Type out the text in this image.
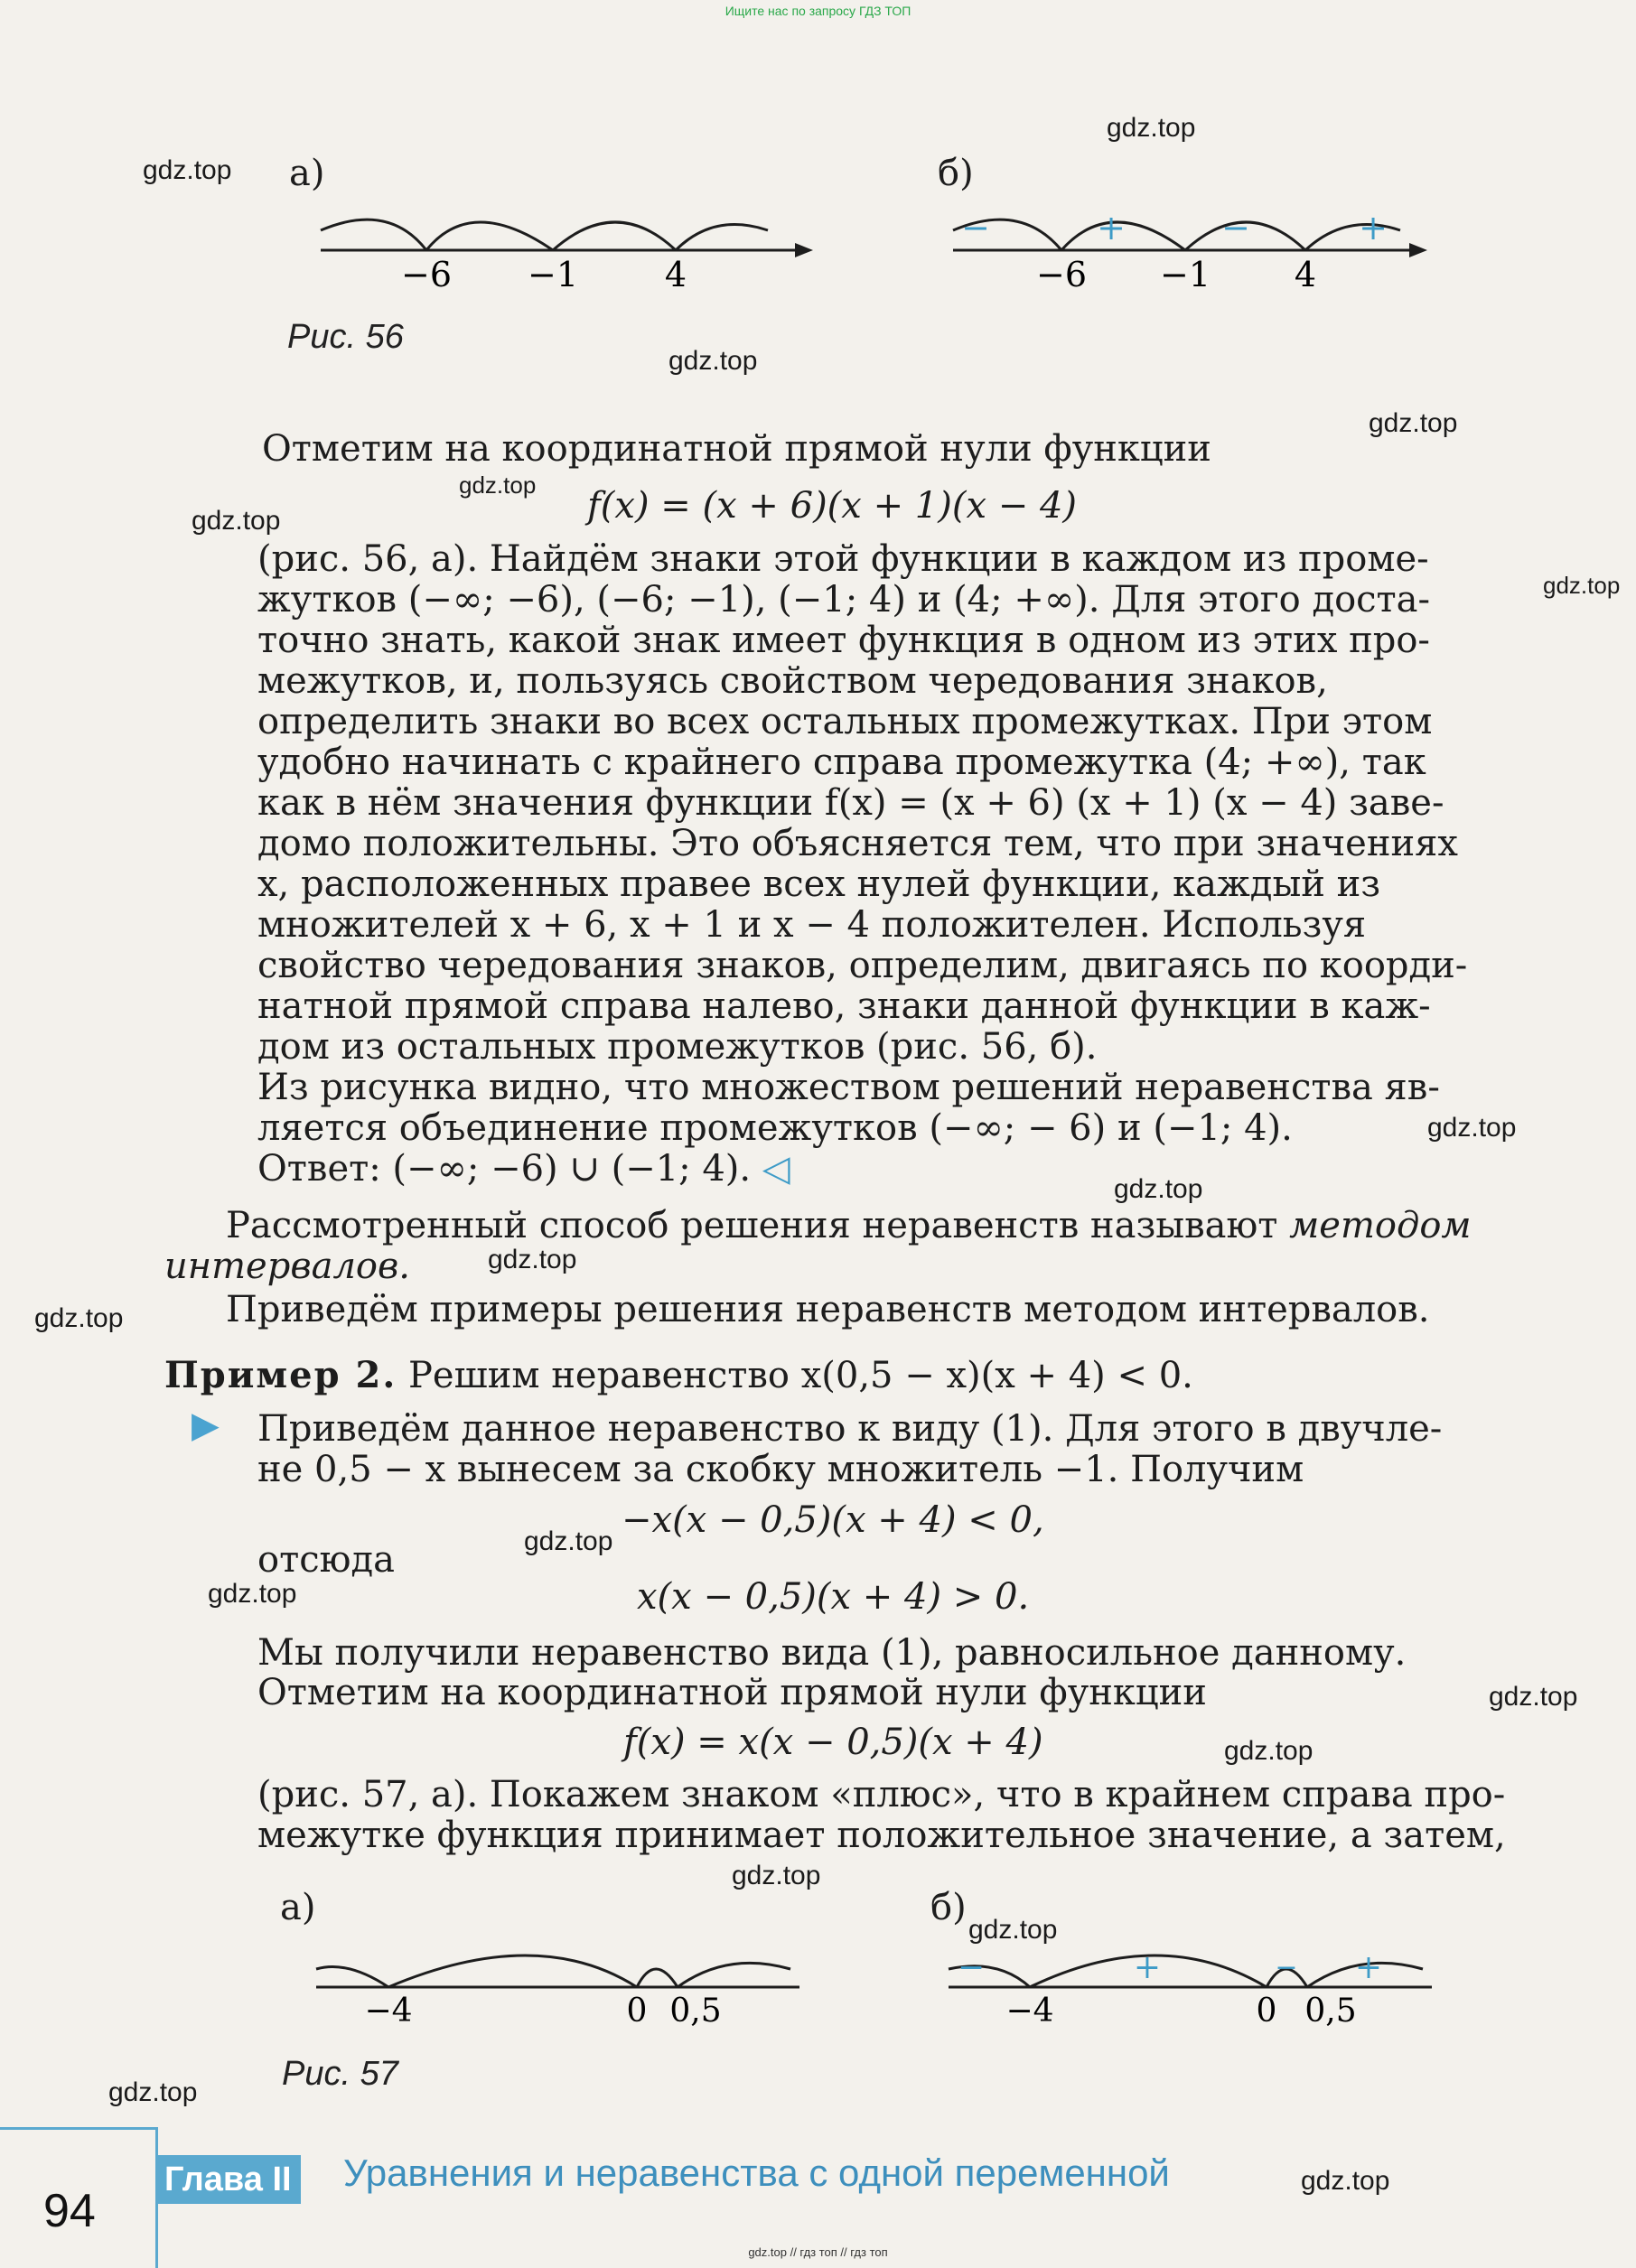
Ищите нас по запросу ГДЗ ТОП
gdz.top // гдз топ // гдз топ
а)
−6 −1	4
б)
−	+	−	+
−6 −1 4
Рис. 56
Отметим на координатной прямой нули функции
f(x) = (x + 6)(x + 1)(x − 4)
(рис. 56, а). Найдём знаки этой функции в каждом из проме-
жутков (−∞; −6), (−6; −1), (−1; 4) и (4; +∞). Для этого доста-
точно знать, какой знак имеет функция в одном из этих про-
межутков, и, пользуясь свойством чередования знаков,
определить знаки во всех остальных промежутках. При этом
удобно начинать с крайнего справа промежутка (4; +∞), так
как в нём значения функции f(x) = (x + 6) (x + 1) (x − 4) заве-
домо положительны. Это объясняется тем, что при значениях
x, расположенных правее всех нулей функции, каждый из
множителей x + 6, x + 1 и x − 4 положителен. Используя
свойство чередования знаков, определим, двигаясь по коорди-
натной прямой справа налево, знаки данной функции в каж-
дом из остальных промежутков (рис. 56, б).
Из рисунка видно, что множеством решений неравенства яв-
ляется объединение промежутков (−∞; − 6) и (−1; 4).
Ответ: (−∞; −6) ∪ (−1; 4). ◁
Рассмотренный способ решения неравенств называют методом
интервалов.
Приведём примеры решения неравенств методом интервалов.
Пример 2. Решим неравенство x(0,5 − x)(x + 4) < 0.
▶ Приведём данное неравенство к виду (1). Для этого в двучле-
не 0,5 − x вынесем за скобку множитель −1. Получим
−x(x − 0,5)(x + 4) < 0,
отсюда
x(x − 0,5)(x + 4) > 0.
Мы получили неравенство вида (1), равносильное данному.
Отметим на координатной прямой нули функции
f(x) = x(x − 0,5)(x + 4)
(рис. 57, а). Покажем знаком «плюс», что в крайнем справа про-
межутке функция принимает положительное значение, а затем,
а)
−4	0 0,5
б)
−	+	− +
−4	0 0,5
Рис. 57
94
Глава II Уравнения и неравенства с одной переменной
gdz.top
gdz.top
gdz.top
gdz.top
gdz.top
gdz.top
gdz.top
gdz.top
gdz.top
gdz.top
gdz.top
gdz.top
gdz.top
gdz.top
gdz.top
gdz.top
gdz.top
gdz.top
gdz.top
